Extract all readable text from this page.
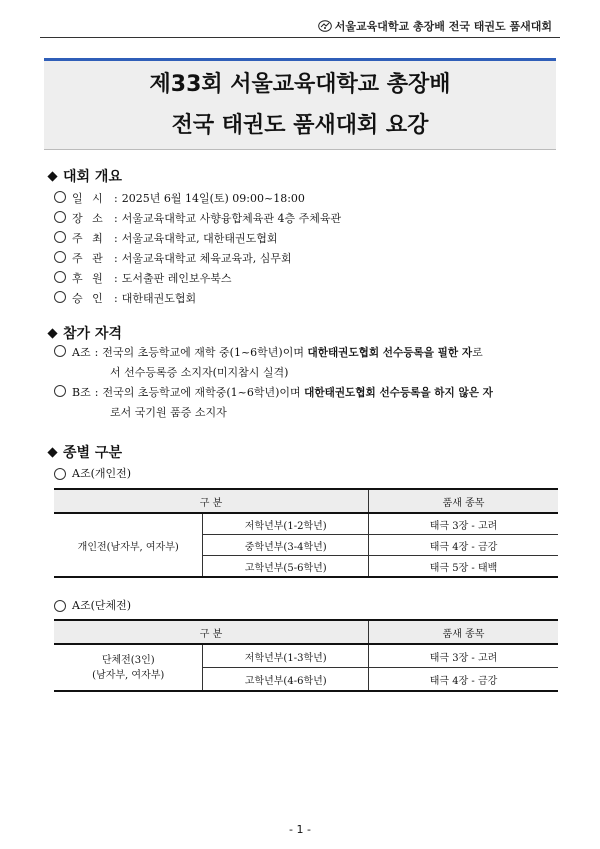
서울교육대학교 총장배 전국 태권도 품새대회
제33회 서울교육대학교 총장배
전국 태권도 품새대회 요강
대회 개요
일 시 : 2025년 6월 14일(토) 09:00~18:00
장 소 : 서울교육대학교 사향융합체육관 4층 주체육관
주 최 : 서울교육대학교, 대한태권도협회
주 관 : 서울교육대학교 체육교육과, 심무회
후 원 : 도서출판 레인보우북스
승 인 : 대한태권도협회
참가 자격
A조 : 전국의 초등학교에 재학 중(1~6학년)이며 대한태권도협회 선수등록을 필한 자 로
서 선수등록증 소지자(미지참시 실격)
B조 : 전국의 초등학교에 재학중(1~6학년)이며 대한태권도협회 선수등록을 하지 않은 자
로서 국기원 품증 소지자
종별 구분
A조(개인전)
구 분		품새 종목
개인전(남자부, 여자부)	저학년부(1-2학년)	태극 3장 - 고려
	중학년부(3-4학년)	태극 4장 - 금강
	고학년부(5-6학년)	태극 5장 - 태백
A조(단체전)
구 분		품새 종목

단체전(3인)
(남자부, 여자부)	저학년부(1-3학년)	태극 3장 - 고려
	고학년부(4-6학년)	태극 4장 - 금강
- 1 -
